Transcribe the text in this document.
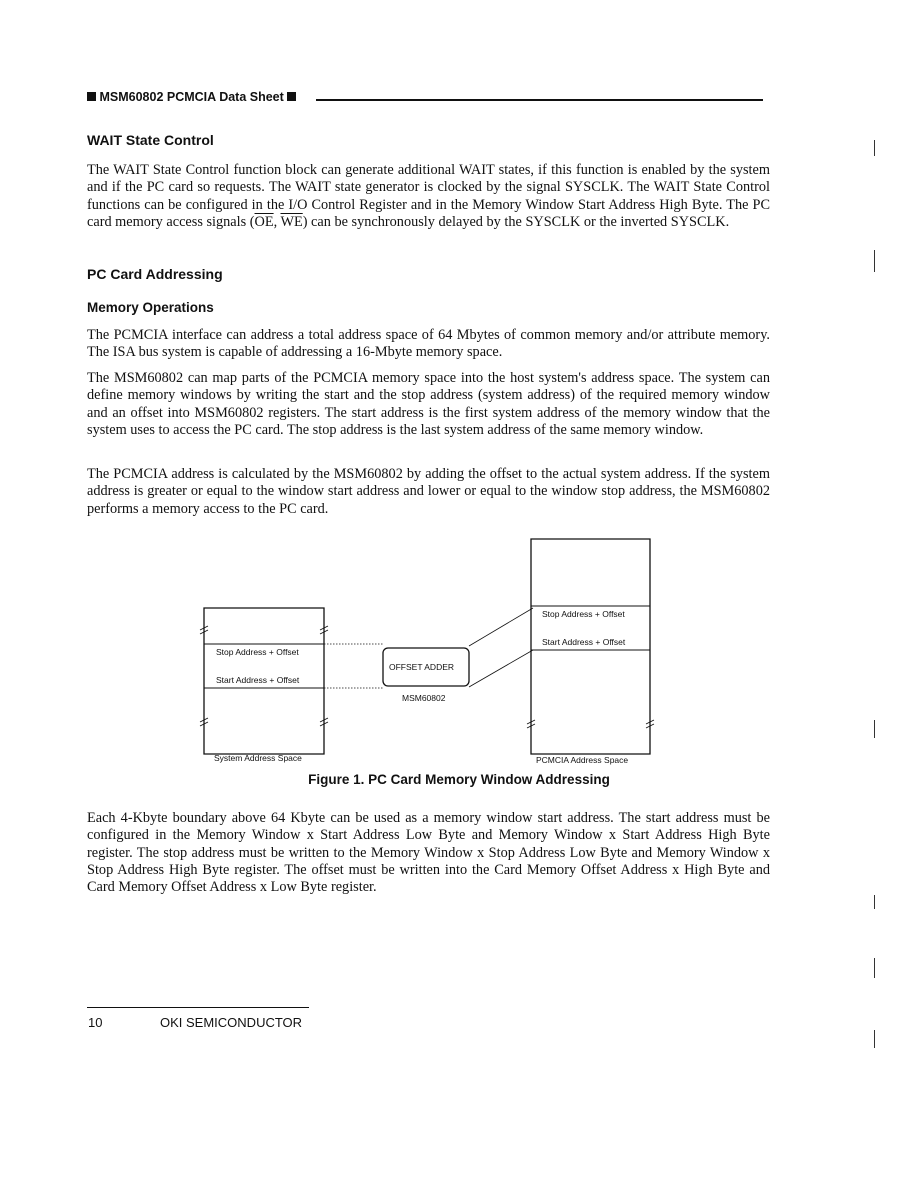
MSM60802 PCMCIA Data Sheet
WAIT State Control

The WAIT State Control function block can generate additional WAIT states, if this function is enabled by the system and if the PC card so requests. The WAIT state generator is clocked by the signal SYSCLK. The WAIT State Control functions can be configured in the I/O Control Register and in the Memory Window Start Address High Byte. The PC card memory access signals ($\overline{OE}$, $\overline{WE}$) can be synchronously delayed by the SYSCLK or the inverted SYSCLK.

PC Card Addressing
Memory Operations

The PCMCIA interface can address a total address space of 64 Mbytes of common memory and/or attribute memory. The ISA bus system is capable of addressing a 16-Mbyte memory space.

The MSM60802 can map parts of the PCMCIA memory space into the host system's address space. The system can define memory windows by writing the start and the stop address (system address) of the required memory window and an offset into MSM60802 registers. The start address is the first system address of the memory window that the system uses to access the PC card. The stop address is the last system address of the same memory window.

The PCMCIA address is calculated by the MSM60802 by adding the offset to the actual system address. If the system address is greater or equal to the window start address and lower or equal to the window stop address, the MSM60802 performs a memory access to the PC card.

Stop Address + Offset
Start Address + Offset
System Address Space
OFFSET ADDER
MSM60802
Stop Address + Offset
Start Address + Offset
PCMCIA Address Space
Figure 1. PC Card Memory Window Addressing

Each 4-Kbyte boundary above 64 Kbyte can be used as a memory window start address. The start address must be configured in the Memory Window x Start Address Low Byte and Memory Window x Start Address High Byte register. The stop address must be written to the Memory Window x Stop Address Low Byte and Memory Window x Stop Address High Byte register. The offset must be written into the Card Memory Offset Address x High Byte and Card Memory Offset Address x Low Byte register.

10	OKI SEMICONDUCTOR
